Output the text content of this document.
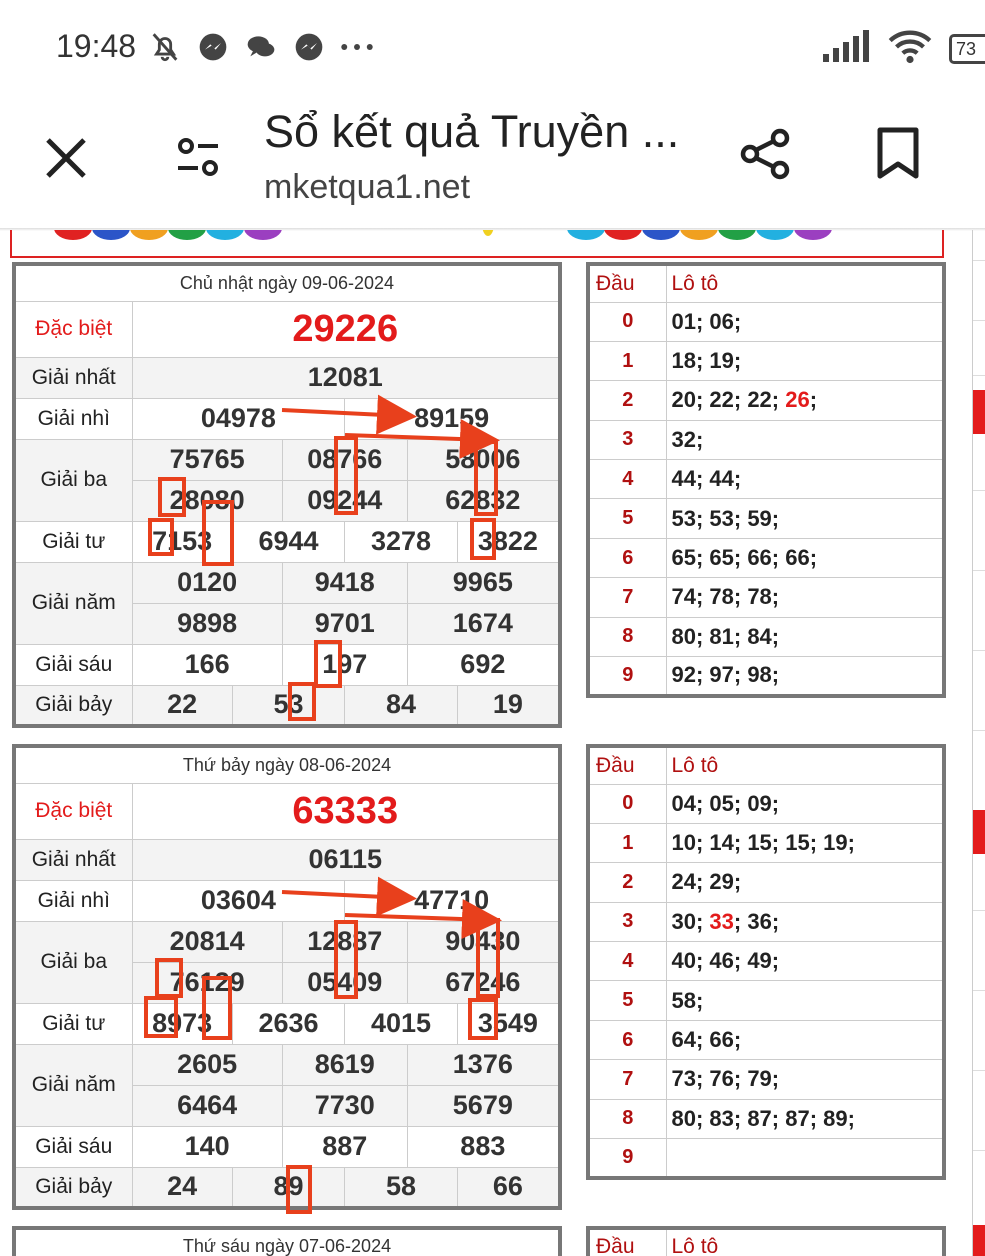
19:48	73
Sổ kết quả Truyền ...
mketqua1.net
Chủ nhật ngày 09-06-2024						
Đặc biệt	29226					
Giải nhất	12081					
Giải nhì	04978			89159		
Giải ba	75765		08766		58006	
	28080		09244		62832	
Giải tư	7153	6944		3278		3822
Giải năm	0120		9418		9965	
	9898		9701		1674	
Giải sáu	166		197		692	
Giải bảy	22	53		84		19
Đầu	Lô tô
0	01; 06;
1	18; 19;
2	20; 22; 22; 26;
3	32;
4	44; 44;
5	53; 53; 59;
6	65; 65; 66; 66;
7	74; 78; 78;
8	80; 81; 84;
9	92; 97; 98;
Thứ bảy ngày 08-06-2024						
Đặc biệt	63333					
Giải nhất	06115					
Giải nhì	03604			47710		
Giải ba	20814		12887		90430	
	76129		05409		67246	
Giải tư	8973	2636		4015		3549
Giải năm	2605		8619		1376	
	6464		7730		5679	
Giải sáu	140		887		883	
Giải bảy	24	89		58		66
Đầu	Lô tô
0	04; 05; 09;
1	10; 14; 15; 15; 19;
2	24; 29;
3	30; 33; 36;
4	40; 46; 49;
5	58;
6	64; 66;
7	73; 76; 79;
8	80; 83; 87; 87; 89;
9	
Thứ sáu ngày 07-06-2024	Đầu	Lô tô
